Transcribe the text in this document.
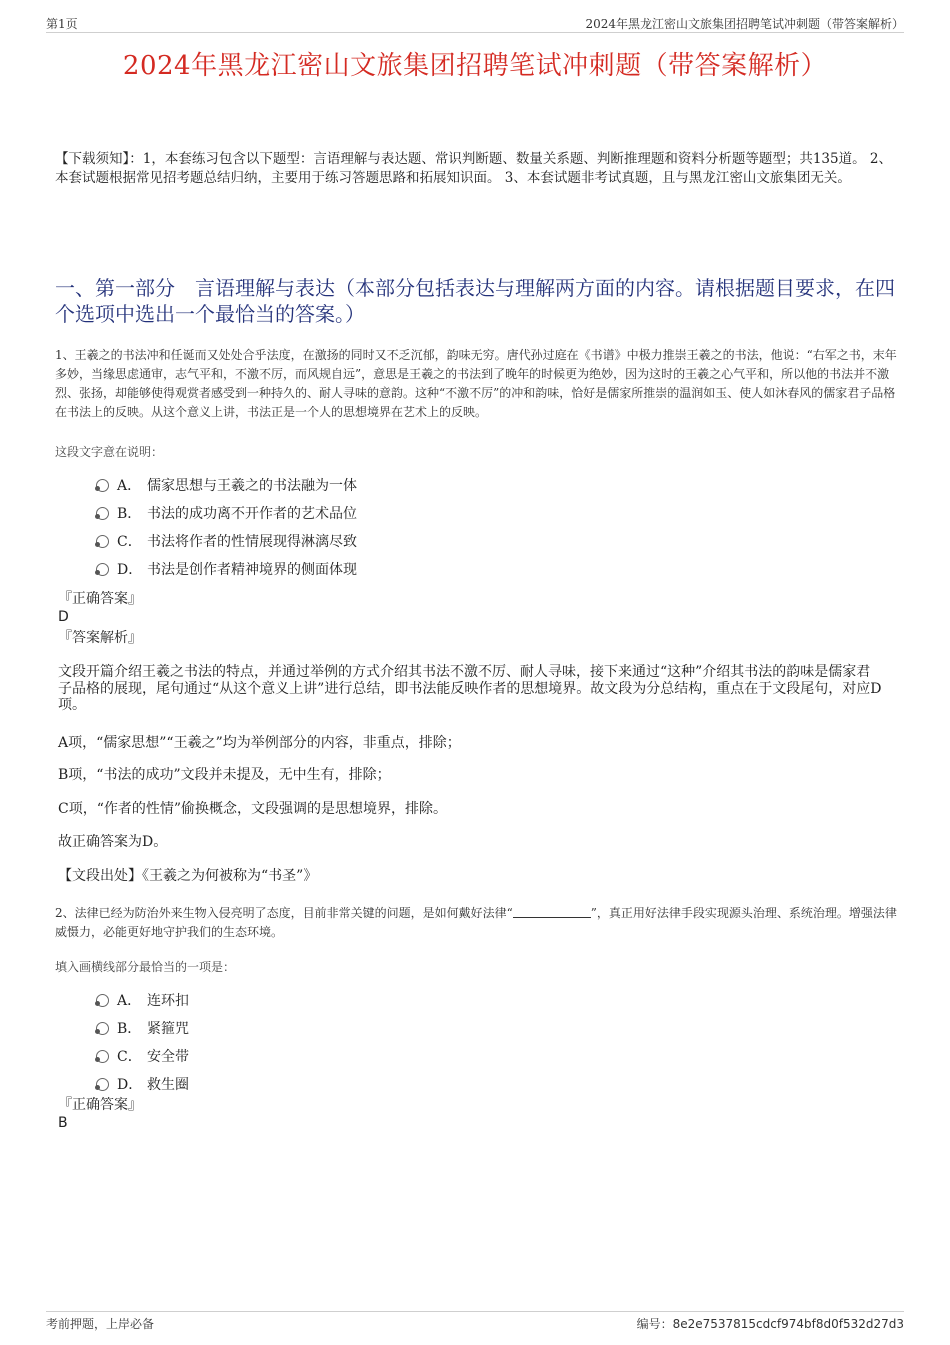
第1页	2024年黑龙江密山文旅集团招聘笔试冲刺题（带答案解析）
2024年黑龙江密山文旅集团招聘笔试冲刺题（带答案解析）
【下载须知】：1，本套练习包含以下题型：言语理解与表达题、常识判断题、数量关系题、判断推理题和资料分析题等题型；共135道。 2、本套试题根据常见招考题总结归纳，主要用于练习答题思路和拓展知识面。 3、本套试题非考试真题，且与黑龙江密山文旅集团无关。
一、第一部分　言语理解与表达（本部分包括表达与理解两方面的内容。请根据题目要求，在四个选项中选出一个最恰当的答案。）
1、王羲之的书法冲和任诞而又处处合乎法度，在激扬的同时又不乏沉郁，韵味无穷。唐代孙过庭在《书谱》中极力推崇王羲之的书法，他说：“右军之书，末年多妙，当缘思虑通审，志气平和，不激不厉，而风规自远”，意思是王羲之的书法到了晚年的时候更为绝妙，因为这时的王羲之心气平和，所以他的书法并不激烈、张扬，却能够使得观赏者感受到一种持久的、耐人寻味的意韵。这种“不激不厉”的冲和韵味，恰好是儒家所推崇的温润如玉、使人如沐春风的儒家君子品格在书法上的反映。从这个意义上讲，书法正是一个人的思想境界在艺术上的反映。
这段文字意在说明：
A． 儒家思想与王羲之的书法融为一体
B． 书法的成功离不开作者的艺术品位
C． 书法将作者的性情展现得淋漓尽致
D． 书法是创作者精神境界的侧面体现
『正确答案』
D
『答案解析』
文段开篇介绍王羲之书法的特点，并通过举例的方式介绍其书法不激不厉、耐人寻味，接下来通过“这种”介绍其书法的韵味是儒家君子品格的展现，尾句通过“从这个意义上讲”进行总结，即书法能反映作者的思想境界。故文段为分总结构，重点在于文段尾句，对应D项。
A项，“儒家思想”“王羲之”均为举例部分的内容，非重点，排除；
B项，“书法的成功”文段并未提及，无中生有，排除；
C项，“作者的性情”偷换概念，文段强调的是思想境界，排除。
故正确答案为D。
【文段出处】《王羲之为何被称为“书圣”》
2、法律已经为防治外来生物入侵亮明了态度，目前非常关键的问题，是如何戴好法律“	”，真正用好法律手段实现源头治理、系统治理。增强法律威慑力，必能更好地守护我们的生态环境。
填入画横线部分最恰当的一项是：
A． 连环扣
B． 紧箍咒
C． 安全带
D． 救生圈
『正确答案』
B
考前押题，上岸必备	编号：8e2e7537815cdcf974bf8d0f532d27d3
